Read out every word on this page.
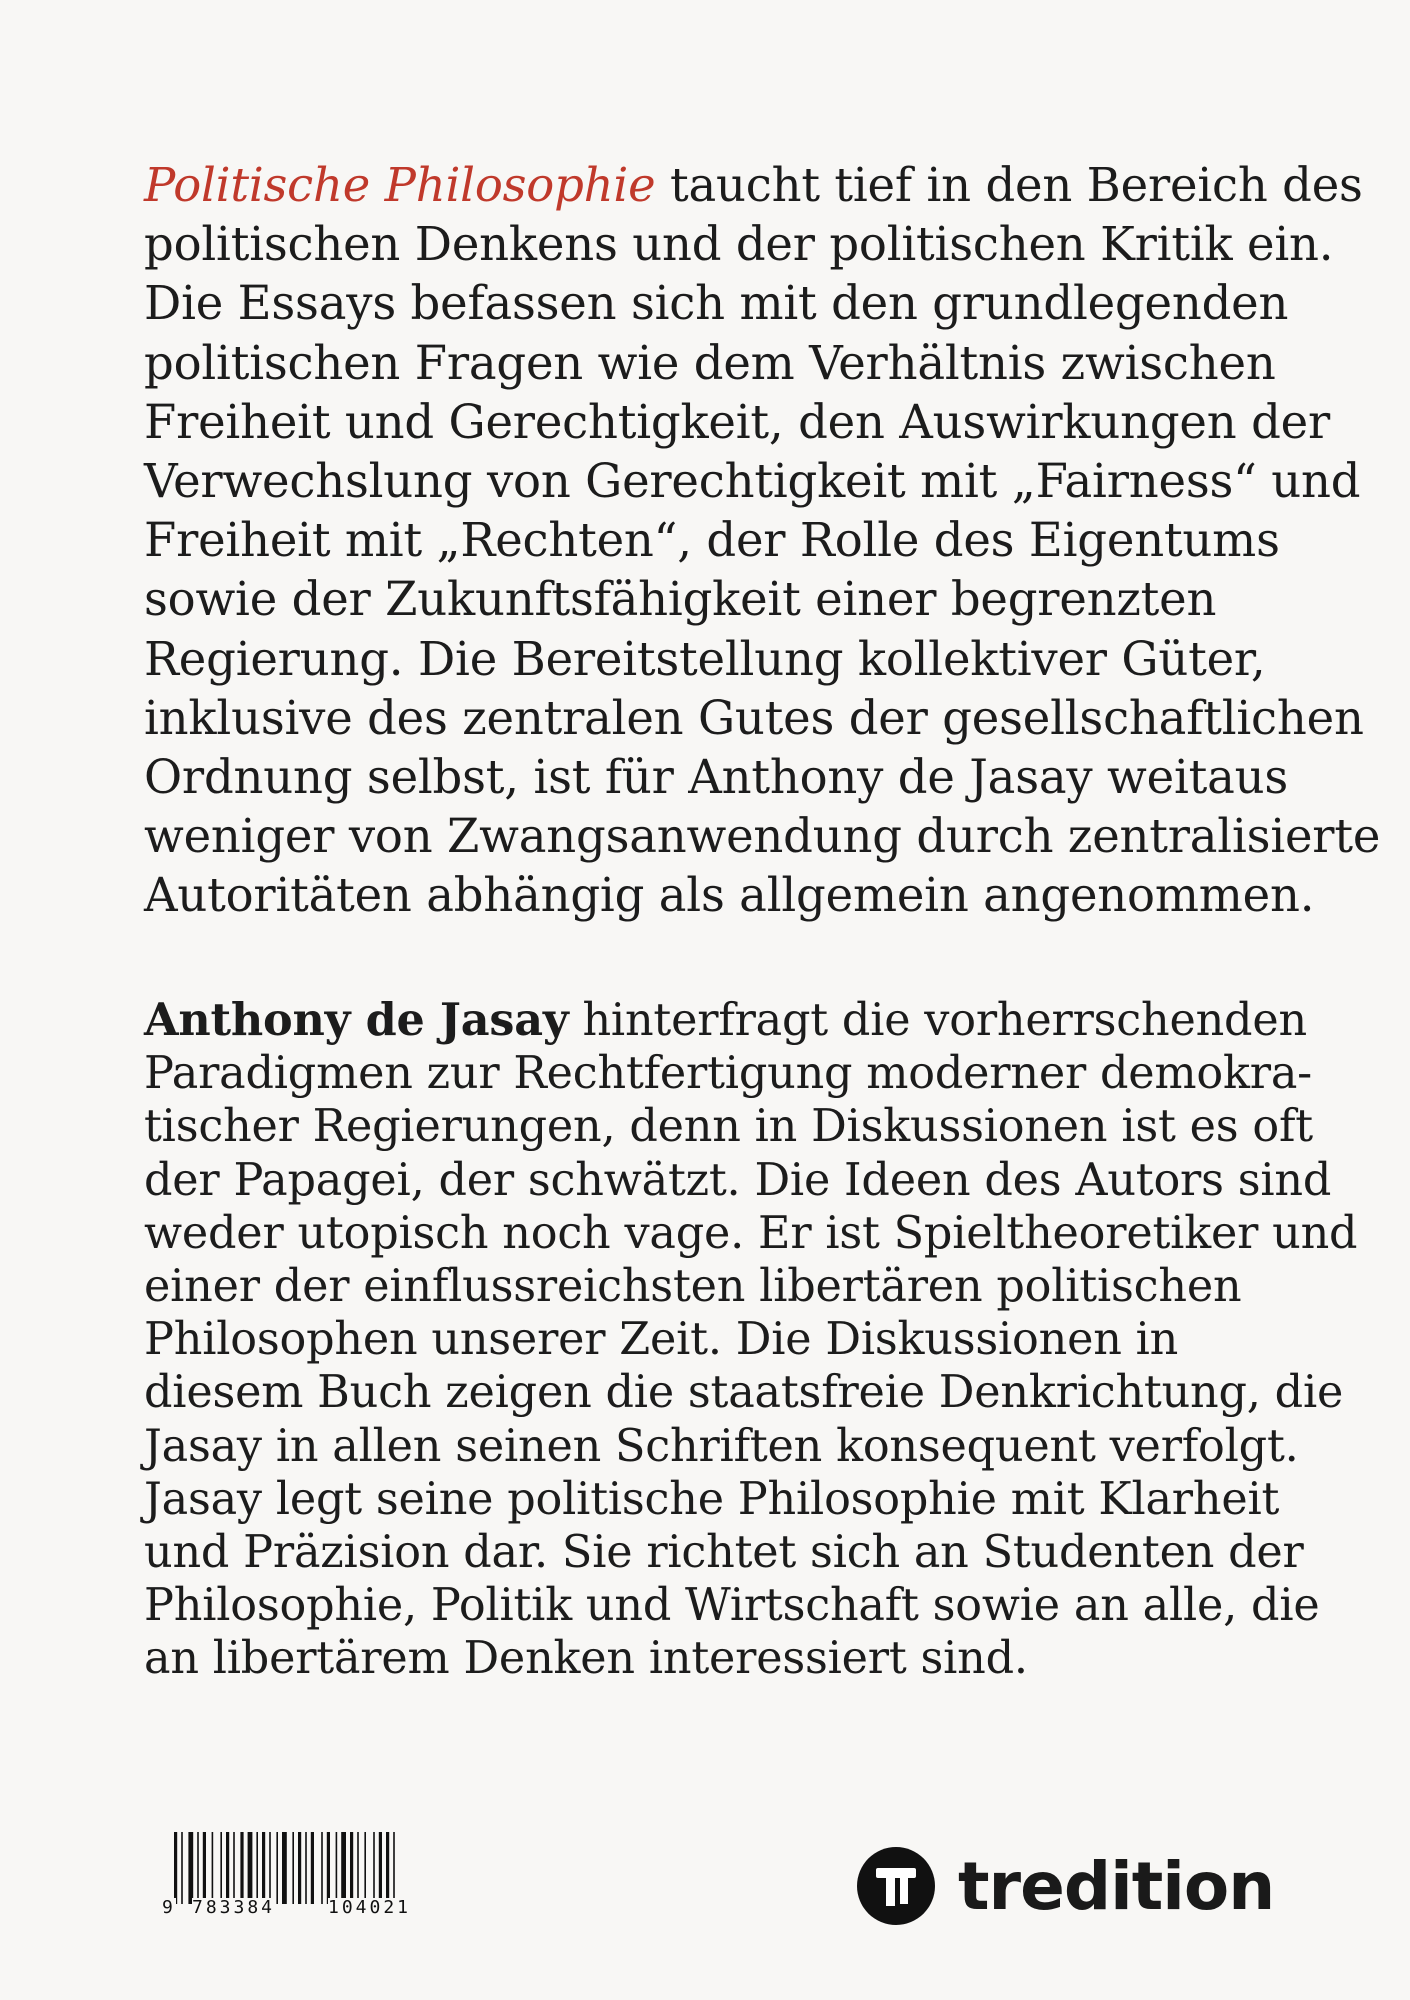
Politische Philosophie taucht tief in den Bereich des
politischen Denkens und der politischen Kritik ein.
Die Essays befassen sich mit den grundlegenden
politischen Fragen wie dem Verhältnis zwischen
Freiheit und Gerechtigkeit, den Auswirkungen der
Verwechslung von Gerechtigkeit mit „Fairness“ und
Freiheit mit „Rechten“, der Rolle des Eigentums
sowie der Zukunftsfähigkeit einer begrenzten
Regierung. Die Bereitstellung kollektiver Güter,
inklusive des zentralen Gutes der gesellschaftlichen
Ordnung selbst, ist für Anthony de Jasay weitaus
weniger von Zwangsanwendung durch zentralisierte
Autoritäten abhängig als allgemein angenommen.

Anthony de Jasay hinterfragt die vorherrschenden
Paradigmen zur Rechtfertigung moderner demokra-
tischer Regierungen, denn in Diskussionen ist es oft
der Papagei, der schwätzt. Die Ideen des Autors sind
weder utopisch noch vage. Er ist Spieltheoretiker und
einer der einflussreichsten libertären politischen
Philosophen unserer Zeit. Die Diskussionen in
diesem Buch zeigen die staatsfreie Denkrichtung, die
Jasay in allen seinen Schriften konsequent verfolgt.
Jasay legt seine politische Philosophie mit Klarheit
und Präzision dar. Sie richtet sich an Studenten der
Philosophie, Politik und Wirtschaft sowie an alle, die
an libertärem Denken interessiert sind.

9 783384	104021	tredition
